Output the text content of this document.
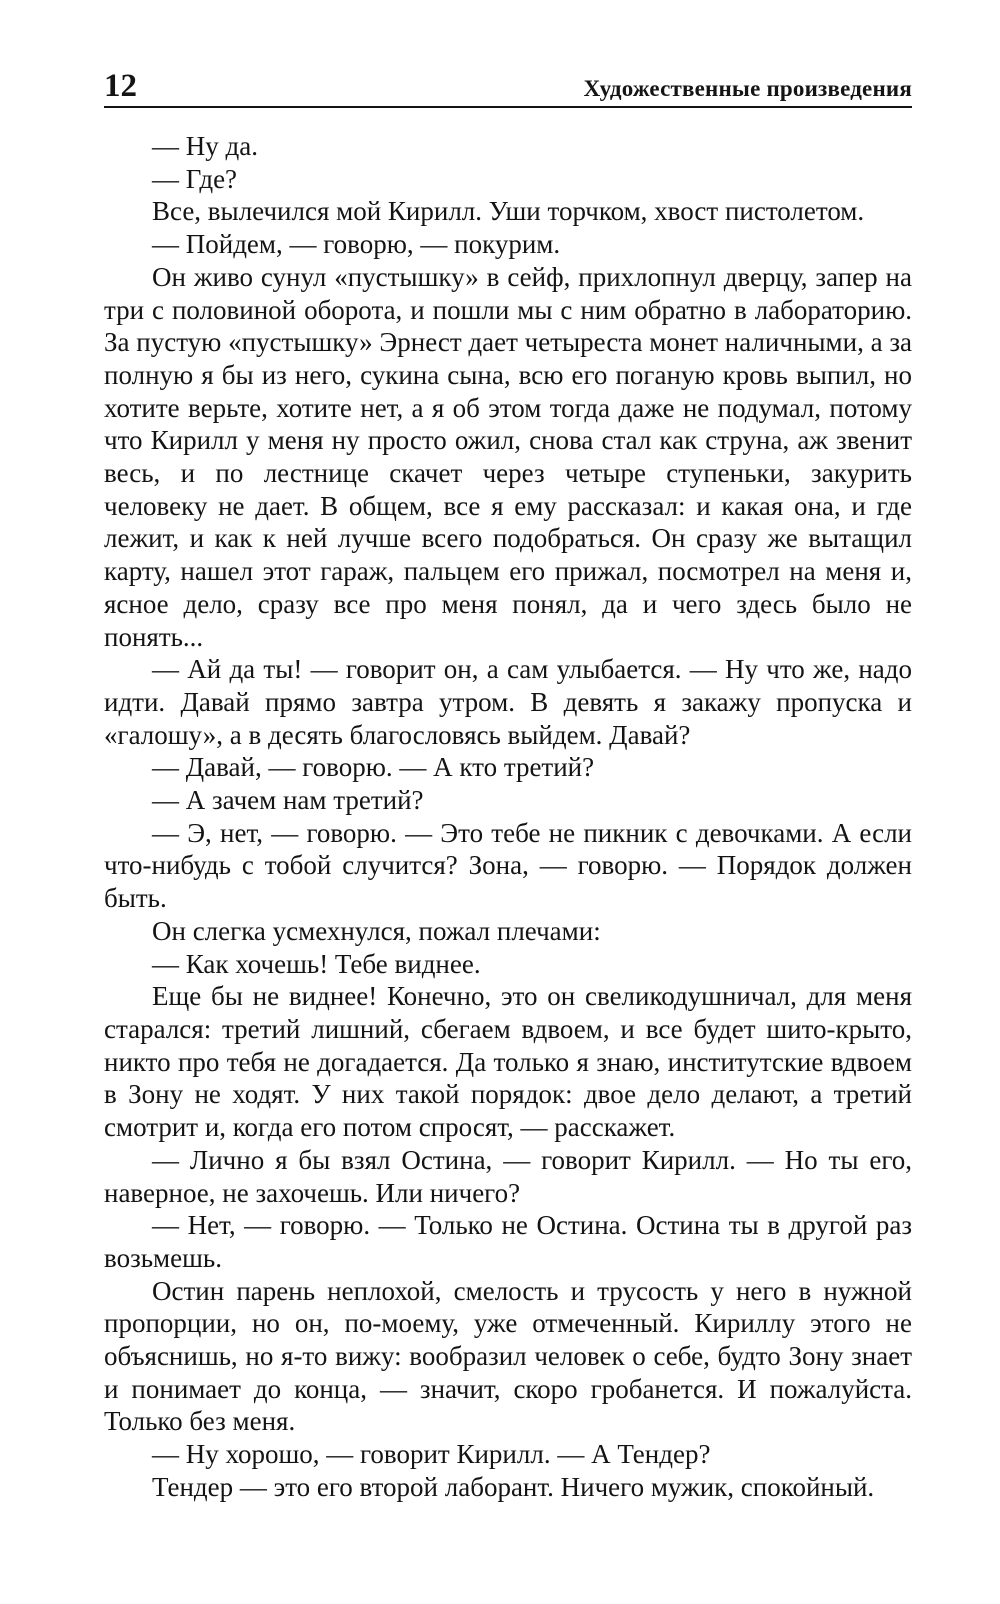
12	Художественные произведения

— Ну да.

— Где?

Все, вылечился мой Кирилл. Уши торчком, хвост пистолетом.

— Пойдем, — говорю, — покурим.

Он живо сунул «пустышку» в сейф, прихлопнул дверцу, запер на три с половиной оборота, и пошли мы с ним обратно в лабораторию. За пустую «пустышку» Эрнест дает четыреста монет наличными, а за полную я бы из него, сукина сына, всю его поганую кровь выпил, но хотите верьте, хотите нет, а я об этом тогда даже не подумал, потому что Кирилл у меня ну просто ожил, снова стал как струна, аж звенит весь, и по лестнице скачет через четыре ступеньки, закурить человеку не дает. В общем, все я ему рассказал: и какая она, и где лежит, и как к ней лучше всего подобраться. Он сразу же вытащил карту, нашел этот гараж, пальцем его прижал, посмотрел на меня и, ясное дело, сразу все про меня понял, да и чего здесь было не понять...

— Ай да ты! — говорит он, а сам улыбается. — Ну что же, надо идти. Давай прямо завтра утром. В девять я закажу пропуска и «галошу», а в десять благословясь выйдем. Давай?

— Давай, — говорю. — А кто третий?

— А зачем нам третий?

— Э, нет, — говорю. — Это тебе не пикник с девочками. А если что-нибудь с тобой случится? Зона, — говорю. — Порядок должен быть.

Он слегка усмехнулся, пожал плечами:

— Как хочешь! Тебе виднее.

Еще бы не виднее! Конечно, это он свеликодушничал, для меня старался: третий лишний, сбегаем вдвоем, и все будет шито-крыто, никто про тебя не догадается. Да только я знаю, институтские вдвоем в Зону не ходят. У них такой порядок: двое дело делают, а третий смотрит и, когда его потом спросят, — расскажет.

— Лично я бы взял Остина, — говорит Кирилл. — Но ты его, наверное, не захочешь. Или ничего?

— Нет, — говорю. — Только не Остина. Остина ты в другой раз возьмешь.

Остин парень неплохой, смелость и трусость у него в нужной пропорции, но он, по-моему, уже отмеченный. Кириллу этого не объяснишь, но я-то вижу: вообразил человек о себе, будто Зону знает и понимает до конца, — значит, скоро гробанется. И пожалуйста. Только без меня.

— Ну хорошо, — говорит Кирилл. — А Тендер?

Тендер — это его второй лаборант. Ничего мужик, спокойный.
